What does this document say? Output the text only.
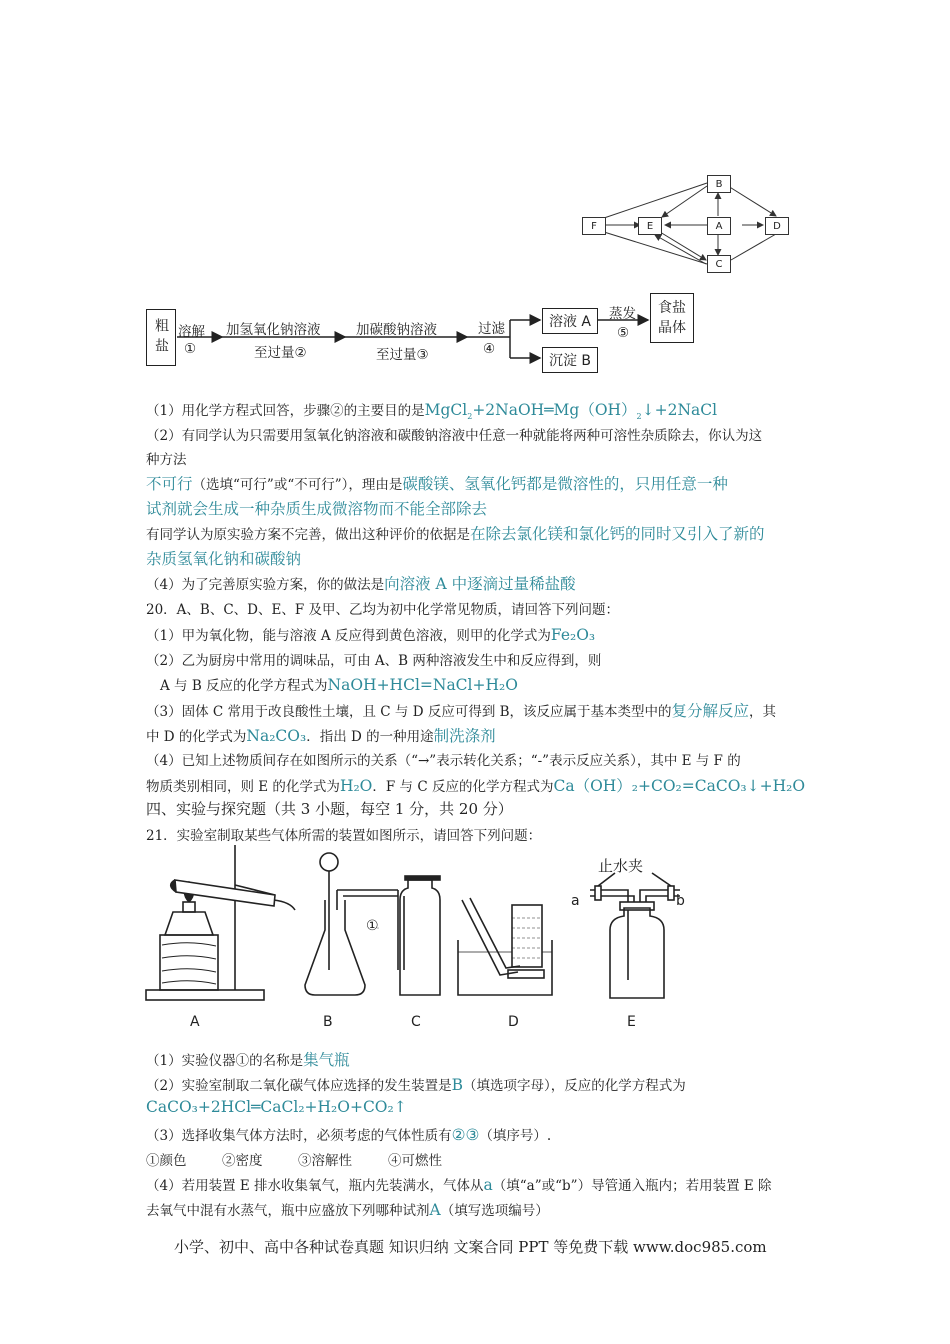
B
F	E	A	D
C
粗盐 溶解
①
加氢氧化钠溶液
至过量②
加碳酸钠溶液
至过量③
过滤
④
溶液 A
沉淀 B
蒸发
⑤
食盐晶体
（1）用化学方程式回答，步骤②的主要目的是$MgCl_2+2NaOH═Mg(OH)_2↓+2NaCl$
（2）有同学认为只需要用氢氧化钠溶液和碳酸钠溶液中任意一种就能将两种可溶性杂质除去，你认为这
种方法
不可行（选填“可行”或“不可行”），理由是碳酸镁、氢氧化钙都是微溶性的，只用任意一种
试剂就会生成一种杂质生成微溶物而不能全部除去
有同学认为原实验方案不完善，做出这种评价的依据是在除去氯化镁和氯化钙的同时又引入了新的
杂质氢氧化钠和碳酸钠
（4）为了完善原实验方案，你的做法是向溶液 A 中逐滴过量稀盐酸
20．A、B、C、D、E、F 及甲、乙均为初中化学常见物质，请回答下列问题：
（1）甲为氧化物，能与溶液 A 反应得到黄色溶液，则甲的化学式为Fe₂O₃
（2）乙为厨房中常用的调味品，可由 A、B 两种溶液发生中和反应得到，则
A 与 B 反应的化学方程式为NaOH+HCl=NaCl+H₂O
（3）固体 C 常用于改良酸性土壤，且 C 与 D 反应可得到 B，该反应属于基本类型中的复分解反应，其
中 D 的化学式为Na₂CO₃．指出 D 的一种用途制洗涤剂
（4）已知上述物质间存在如图所示的关系（“→”表示转化关系；“-”表示反应关系），其中 E 与 F 的
物质类别相同，则 E 的化学式为H₂O．F 与 C 反应的化学方程式为Ca（OH）₂+CO₂=CaCO₃↓+H₂O
四、实验与探究题（共 3 小题，每空 1 分，共 20 分）
21．实验室制取某些气体所需的装置如图所示，请回答下列问题：
止水夹
a	b
①
A	B	C	D	E
（1）实验仪器①的名称是集气瓶
（2）实验室制取二氧化碳气体应选择的发生装置是B（填选项字母），反应的化学方程式为
CaCO₃+2HCl═CaCl₂+H₂O+CO₂↑
（3）选择收集气体方法时，必须考虑的气体性质有②③（填序号）.
①颜色	②密度	③溶解性	④可燃性
（4）若用装置 E 排水收集氧气，瓶内先装满水，气体从a（填“a”或“b”）导管通入瓶内；若用装置 E 除
去氧气中混有水蒸气，瓶中应盛放下列哪种试剂A（填写选项编号）
小学、初中、高中各种试卷真题 知识归纳 文案合同 PPT 等免费下载 www.doc985.com
